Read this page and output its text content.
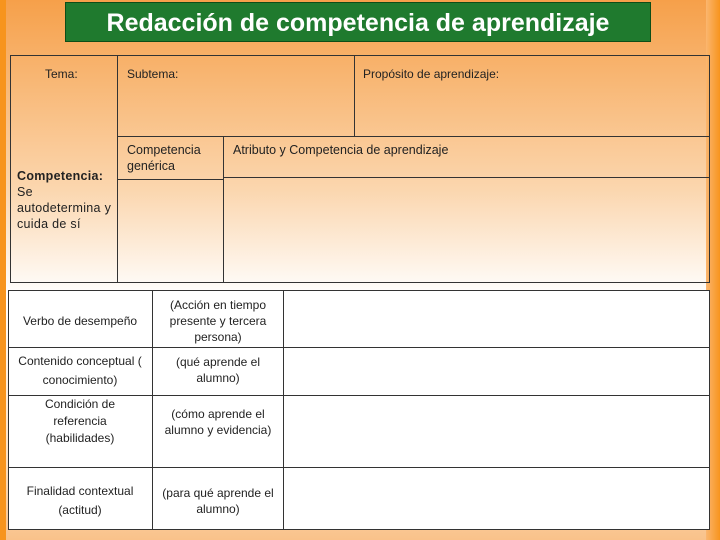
Redacción de competencia de aprendizaje
Tema:	Subtema:	Propósito de aprendizaje:
Competencia: Se autodetermina y cuida de sí
Competencia genérica
Atributo y Competencia de aprendizaje
Verbo de desempeño
(Acción en tiempo presente y tercera persona)
Contenido conceptual ( conocimiento)
(qué aprende el alumno)
Condición de referencia (habilidades)
(cómo aprende el alumno y evidencia)
Finalidad contextual (actitud)
(para qué aprende el alumno)
